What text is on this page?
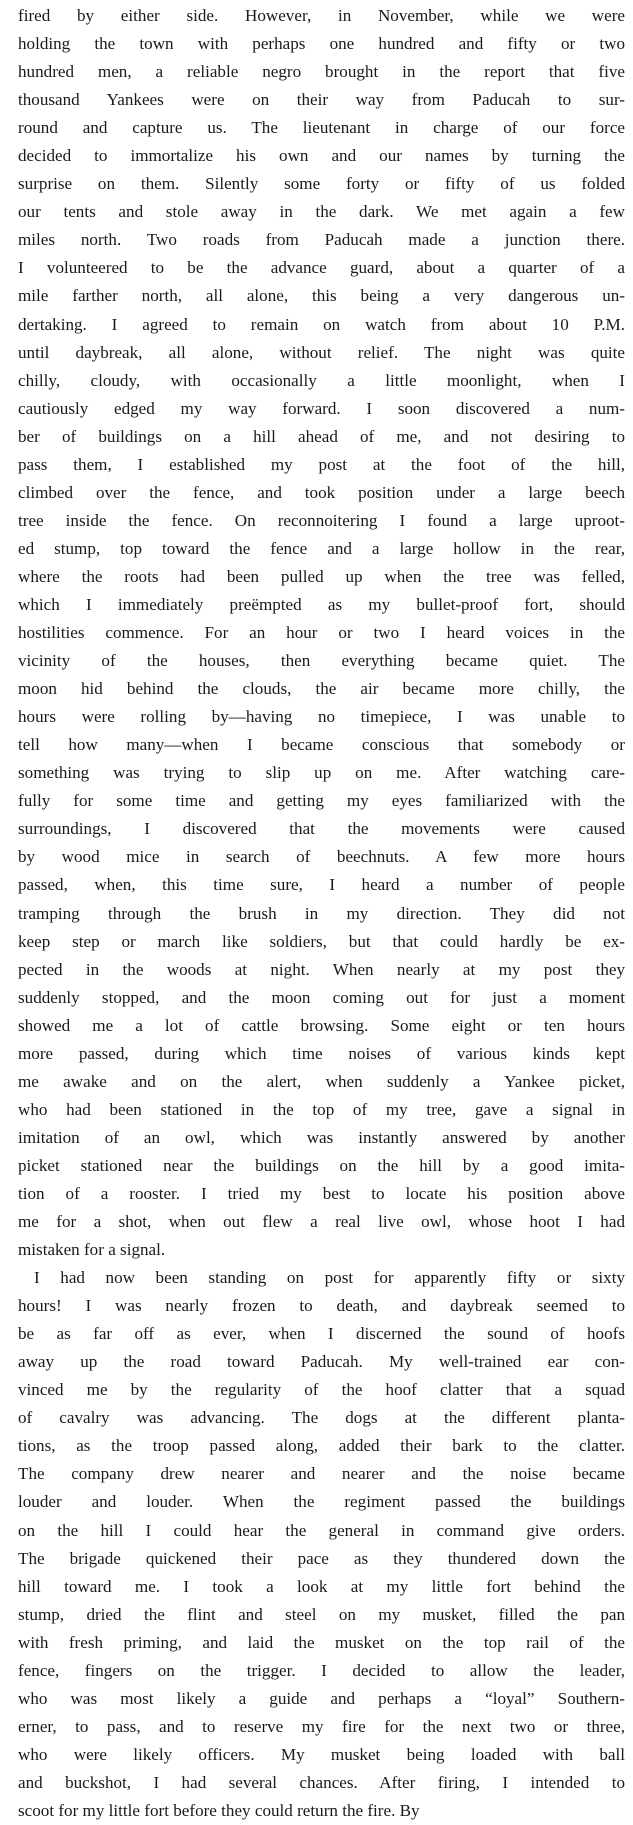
fired by either side. However, in November, while we were
holding the town with perhaps one hundred and fifty or two
hundred men, a reliable negro brought in the report that five
thousand Yankees were on their way from Paducah to sur-
round and capture us. The lieutenant in charge of our force
decided to immortalize his own and our names by turning the
surprise on them. Silently some forty or fifty of us folded
our tents and stole away in the dark. We met again a few
miles north. Two roads from Paducah made a junction there.
I volunteered to be the advance guard, about a quarter of a
mile farther north, all alone, this being a very dangerous un-
dertaking. I agreed to remain on watch from about 10 P.M.
until daybreak, all alone, without relief. The night was quite
chilly, cloudy, with occasionally a little moonlight, when I
cautiously edged my way forward. I soon discovered a num-
ber of buildings on a hill ahead of me, and not desiring to
pass them, I established my post at the foot of the hill,
climbed over the fence, and took position under a large beech
tree inside the fence. On reconnoitering I found a large uproot-
ed stump, top toward the fence and a large hollow in the rear,
where the roots had been pulled up when the tree was felled,
which I immediately preëmpted as my bullet-proof fort, should
hostilities commence. For an hour or two I heard voices in the
vicinity of the houses, then everything became quiet. The
moon hid behind the clouds, the air became more chilly, the
hours were rolling by—having no timepiece, I was unable to
tell how many—when I became conscious that somebody or
something was trying to slip up on me. After watching care-
fully for some time and getting my eyes familiarized with the
surroundings, I discovered that the movements were caused
by wood mice in search of beechnuts. A few more hours
passed, when, this time sure, I heard a number of people
tramping through the brush in my direction. They did not
keep step or march like soldiers, but that could hardly be ex-
pected in the woods at night. When nearly at my post they
suddenly stopped, and the moon coming out for just a moment
showed me a lot of cattle browsing. Some eight or ten hours
more passed, during which time noises of various kinds kept
me awake and on the alert, when suddenly a Yankee picket,
who had been stationed in the top of my tree, gave a signal in
imitation of an owl, which was instantly answered by another
picket stationed near the buildings on the hill by a good imita-
tion of a rooster. I tried my best to locate his position above
me for a shot, when out flew a real live owl, whose hoot I had
mistaken for a signal.
I had now been standing on post for apparently fifty or sixty
hours! I was nearly frozen to death, and daybreak seemed to
be as far off as ever, when I discerned the sound of hoofs
away up the road toward Paducah. My well-trained ear con-
vinced me by the regularity of the hoof clatter that a squad
of cavalry was advancing. The dogs at the different planta-
tions, as the troop passed along, added their bark to the clatter.
The company drew nearer and nearer and the noise became
louder and louder. When the regiment passed the buildings
on the hill I could hear the general in command give orders.
The brigade quickened their pace as they thundered down the
hill toward me. I took a look at my little fort behind the
stump, dried the flint and steel on my musket, filled the pan
with fresh priming, and laid the musket on the top rail of the
fence, fingers on the trigger. I decided to allow the leader,
who was most likely a guide and perhaps a “loyal” Southern-
erner, to pass, and to reserve my fire for the next two or three,
who were likely officers. My musket being loaded with ball
and buckshot, I had several chances. After firing, I intended to
scoot for my little fort before they could return the fire. By
